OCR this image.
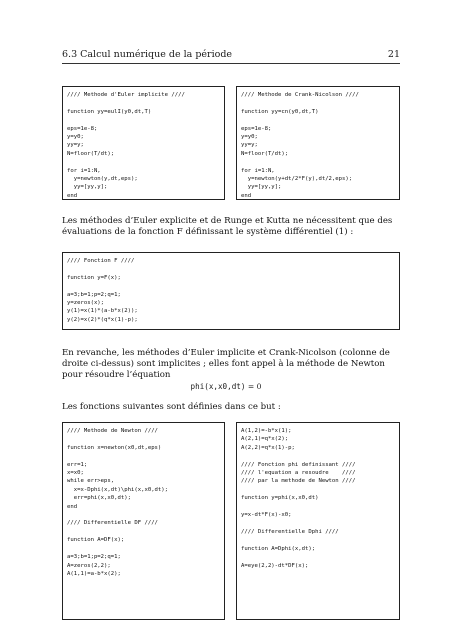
6.3 Calcul numérique de la période	21
//// Methode d'Euler implicite ////

function yy=eulI(y0,dt,T)

eps=1e-8;
y=y0;
yy=y;
N=floor(T/dt);

for i=1:N,
y=newton(y,dt,eps);
yy=[yy,y];
end
//// Methode de Crank-Nicolson ////

function yy=cn(y0,dt,T)

eps=1e-8;
y=y0;
yy=y;
N=floor(T/dt);

for i=1:N,
y=newton(y+dt/2*F(y),dt/2,eps);
yy=[yy,y];
end
Les méthodes d’Euler explicite et de Runge et Kutta ne nécessitent que des évaluations de la fonction F définissant le système différentiel (1) :
//// Fonction F ////

function y=F(x);

a=3;b=1;p=2;q=1;
y=zeros(x);
y(1)=x(1)*(a-b*x(2));
y(2)=x(2)*(q*x(1)-p);
En revanche, les méthodes d’Euler implicite et Crank-Nicolson (colonne de droite ci-dessus) sont implicites ; elles font appel à la méthode de Newton pour résoudre l’équation
phi(x,x0,dt) = 0
Les fonctions suivantes sont définies dans ce but :
//// Methode de Newton ////

function x=newton(x0,dt,eps)

err=1;
x=x0;
while err>eps,
x=x-Dphi(x,dt)\phi(x,x0,dt);
err=phi(x,x0,dt);
end

//// Differentielle DF ////

function A=DF(x);

a=3;b=1;p=2;q=1;
A=zeros(2,2);
A(1,1)=a-b*x(2);
A(1,2)=-b*x(1);
A(2,1)=q*x(2);
A(2,2)=q*x(1)-p;

//// Fonction phi definissant ////
//// l'equation a resoudre    ////
//// par la methode de Newton ////

function y=phi(x,x0,dt)

y=x-dt*F(x)-x0;

//// Differentielle Dphi ////

function A=Dphi(x,dt);

A=eye(2,2)-dt*DF(x);
